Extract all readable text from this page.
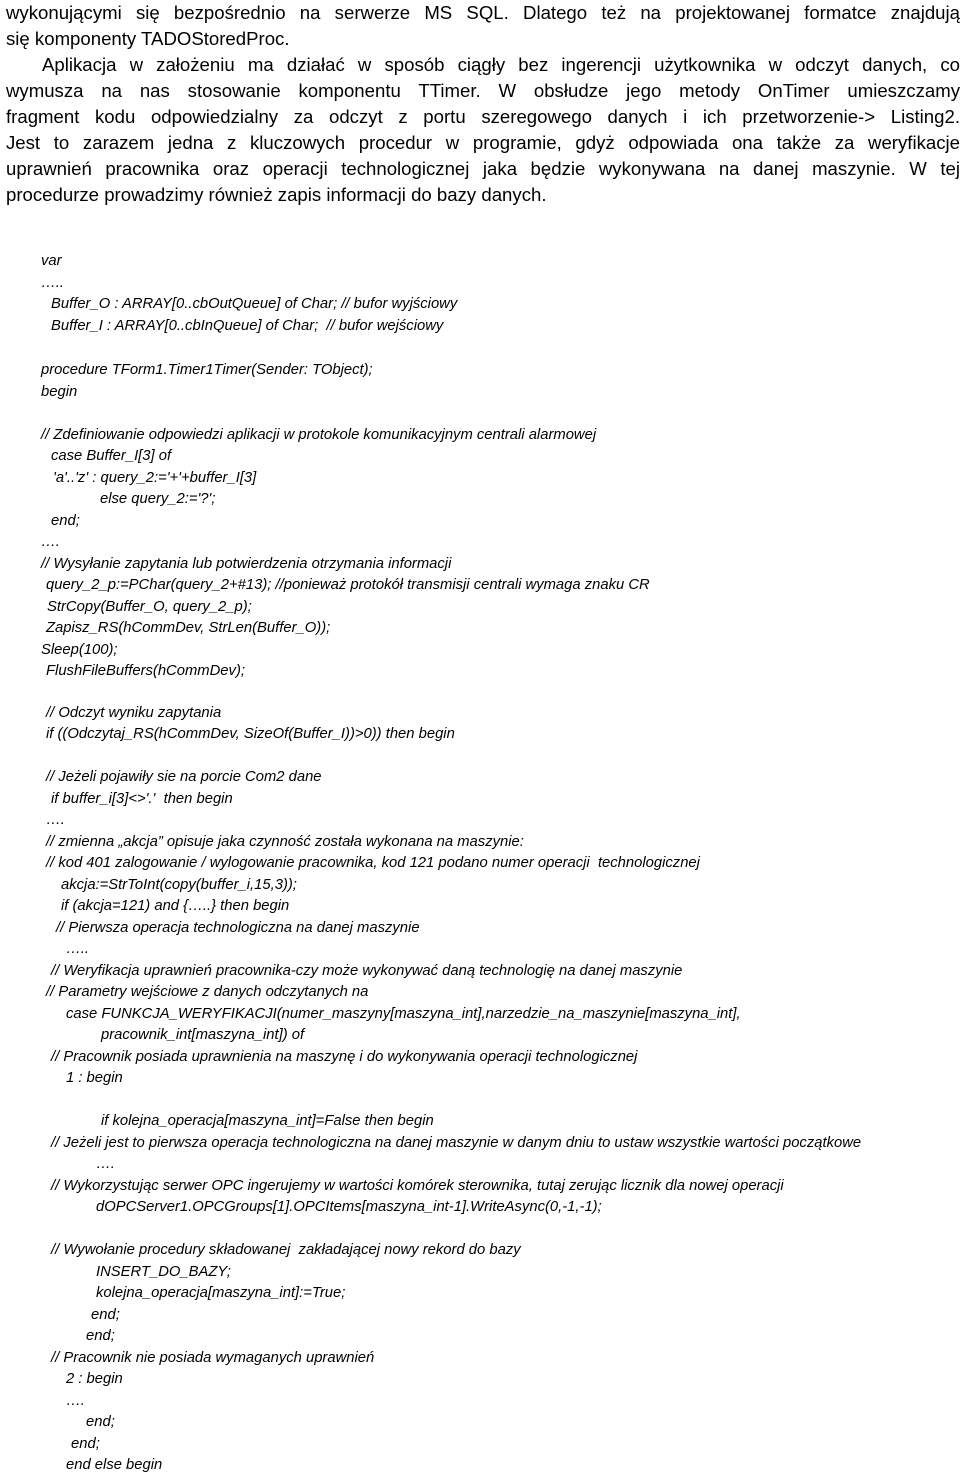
wykonującymi się bezpośrednio na serwerze MS SQL. Dlatego też na projektowanej formatce znajdują
się komponenty TADOStoredProc.
Aplikacja w założeniu ma działać w sposób ciągły bez ingerencji użytkownika w odczyt danych, co
wymusza na nas stosowanie komponentu TTimer. W obsłudze jego metody OnTimer umieszczamy
fragment kodu odpowiedzialny za odczyt z portu szeregowego danych i ich przetworzenie-> Listing2.
Jest to zarazem jedna z kluczowych procedur w programie, gdyż odpowiada ona także za weryfikacje
uprawnień pracownika oraz operacji technologicznej jaka będzie wykonywana na danej maszynie. W tej
procedurze prowadzimy również zapis informacji do bazy danych.
var
…..
Buffer_O : ARRAY[0..cbOutQueue] of Char; // bufor wyjściowy
Buffer_I : ARRAY[0..cbInQueue] of Char;  // bufor wejściowy
procedure TForm1.Timer1Timer(Sender: TObject);
begin
// Zdefiniowanie odpowiedzi aplikacji w protokole komunikacyjnym centrali alarmowej
case Buffer_I[3] of
'a'..'z' : query_2:='+'+buffer_I[3]
else query_2:='?';
end;
….
// Wysyłanie zapytania lub potwierdzenia otrzymania informacji
query_2_p:=PChar(query_2+#13); //ponieważ protokół transmisji centrali wymaga znaku CR
StrCopy(Buffer_O, query_2_p);
Zapisz_RS(hCommDev, StrLen(Buffer_O));
Sleep(100);
FlushFileBuffers(hCommDev);
// Odczyt wyniku zapytania
if ((Odczytaj_RS(hCommDev, SizeOf(Buffer_I))>0)) then begin
// Jeżeli pojawiły sie na porcie Com2 dane
if buffer_i[3]<>'.'  then begin
….
// zmienna „akcja” opisuje jaka czynność została wykonana na maszynie:
// kod 401 zalogowanie / wylogowanie pracownika, kod 121 podano numer operacji  technologicznej
akcja:=StrToInt(copy(buffer_i,15,3));
if (akcja=121) and {…..} then begin
// Pierwsza operacja technologiczna na danej maszynie
…..
// Weryfikacja uprawnień pracownika-czy może wykonywać daną technologię na danej maszynie
// Parametry wejściowe z danych odczytanych na
case FUNKCJA_WERYFIKACJI(numer_maszyny[maszyna_int],narzedzie_na_maszynie[maszyna_int],
pracownik_int[maszyna_int]) of
// Pracownik posiada uprawnienia na maszynę i do wykonywania operacji technologicznej
1 : begin
if kolejna_operacja[maszyna_int]=False then begin
// Jeżeli jest to pierwsza operacja technologiczna na danej maszynie w danym dniu to ustaw wszystkie wartości początkowe
….
// Wykorzystując serwer OPC ingerujemy w wartości komórek sterownika, tutaj zerując licznik dla nowej operacji
dOPCServer1.OPCGroups[1].OPCItems[maszyna_int-1].WriteAsync(0,-1,-1);
// Wywołanie procedury składowanej  zakładającej nowy rekord do bazy
INSERT_DO_BAZY;
kolejna_operacja[maszyna_int]:=True;
end;
end;
// Pracownik nie posiada wymaganych uprawnień
2 : begin
….
end;
end;
end else begin
